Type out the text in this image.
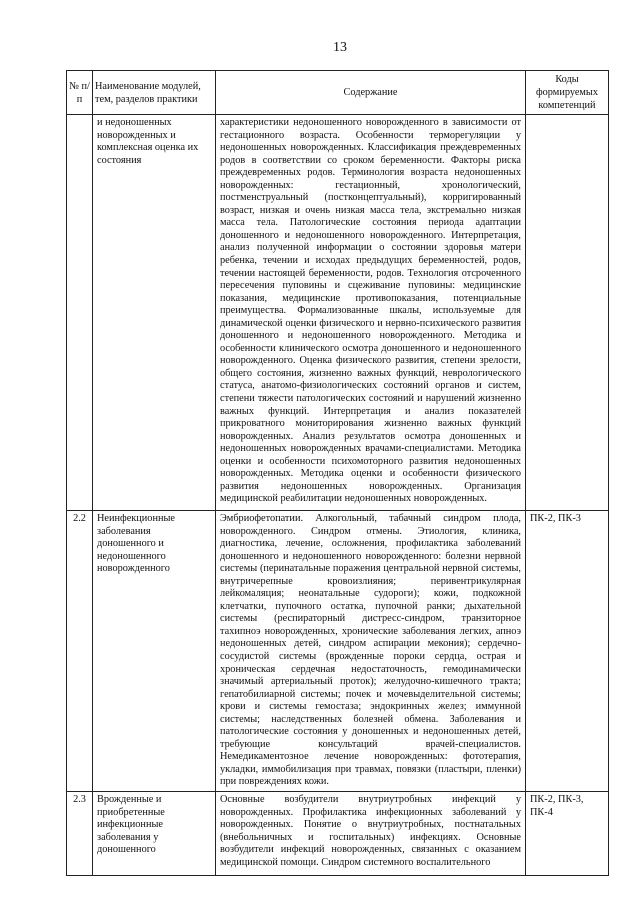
13
№ п/п	Наименование модулей, тем, разделов практики	Содержание	Коды формируемых компетенций
	и недоношенных новорожденных и комплексная оценка их состояния	характеристики недоношенного новорожденного в зависимости от гестационного возраста. Особенности терморегуляции у недоношенных новорожденных. Классификация преждевременных родов в соответствии со сроком беременности. Факторы риска преждевременных родов. Терминология возраста недоношенных новорожденных: гестационный, хронологический, постменструальный (постконцептуальный), корригированный возраст, низкая и очень низкая масса тела, экстремально низкая масса тела. Патологические состояния периода адаптации доношенного и недоношенного новорожденного. Интерпретация, анализ полученной информации о состоянии здоровья матери ребенка, течении и исходах предыдущих беременностей, родов, течении настоящей беременности, родов. Технология отсроченного пересечения пуповины и сцеживание пуповины: медицинские показания, медицинские противопоказания, потенциальные преимущества. Формализованные шкалы, используемые для динамической оценки физического и нервно-психического развития доношенного и недоношенного новорожденного. Методика и особенности клинического осмотра доношенного и недоношенного новорожденного. Оценка физического развития, степени зрелости, общего состояния, жизненно важных функций, неврологического статуса, анатомо-физиологических состояний органов и систем, степени тяжести патологических состояний и нарушений жизненно важных функций. Интерпретация и анализ показателей прикроватного мониторирования жизненно важных функций новорожденных. Анализ результатов осмотра доношенных и недоношенных новорожденных врачами-специалистами. Методика оценки и особенности психомоторного развития недоношенных новорожденных. Методика оценки и особенности физического развития недоношенных новорожденных. Организация медицинской реабилитации недоношенных новорожденных.	
2.2	Неинфекционные заболевания доношенного и недоношенного новорожденного	Эмбриофетопатии. Алкогольный, табачный синдром плода, новорожденного. Синдром отмены. Этиология, клиника, диагностика, лечение, осложнения, профилактика заболеваний доношенного и недоношенного новорожденного: болезни нервной системы (перинатальные поражения центральной нервной системы, внутричерепные кровоизлияния; перивентрикулярная лейкомаляция; неонатальные судороги); кожи, подкожной клетчатки, пупочного остатка, пупочной ранки; дыхательной системы (респираторный дистресс-синдром, транзиторное тахипноэ новорожденных, хронические заболевания легких, апноэ недоношенных детей, синдром аспирации мекония); сердечно-сосудистой системы (врожденные пороки сердца, острая и хроническая сердечная недостаточность, гемодинамически значимый артериальный проток); желудочно-кишечного тракта; гепатобилиарной системы; почек и мочевыделительной системы; крови и системы гемостаза; эндокринных желез; иммунной системы; наследственных болезней обмена. Заболевания и патологические состояния у доношенных и недоношенных детей, требующие консультаций врачей-специалистов. Немедикаментозное лечение новорожденных: фототерапия, укладки, иммобилизация при травмах, повязки (пластыри, пленки) при повреждениях кожи.	ПК-2, ПК-3
2.3	Врожденные и приобретенные инфекционные заболевания у доношенного	Основные возбудители внутриутробных инфекций у новорожденных. Профилактика инфекционных заболеваний у новорожденных. Понятие о внутриутробных, постнатальных (внебольничных и госпитальных) инфекциях. Основные возбудители инфекций новорожденных, связанных с оказанием медицинской помощи. Синдром системного воспалительного	ПК-2, ПК-3, ПК-4
